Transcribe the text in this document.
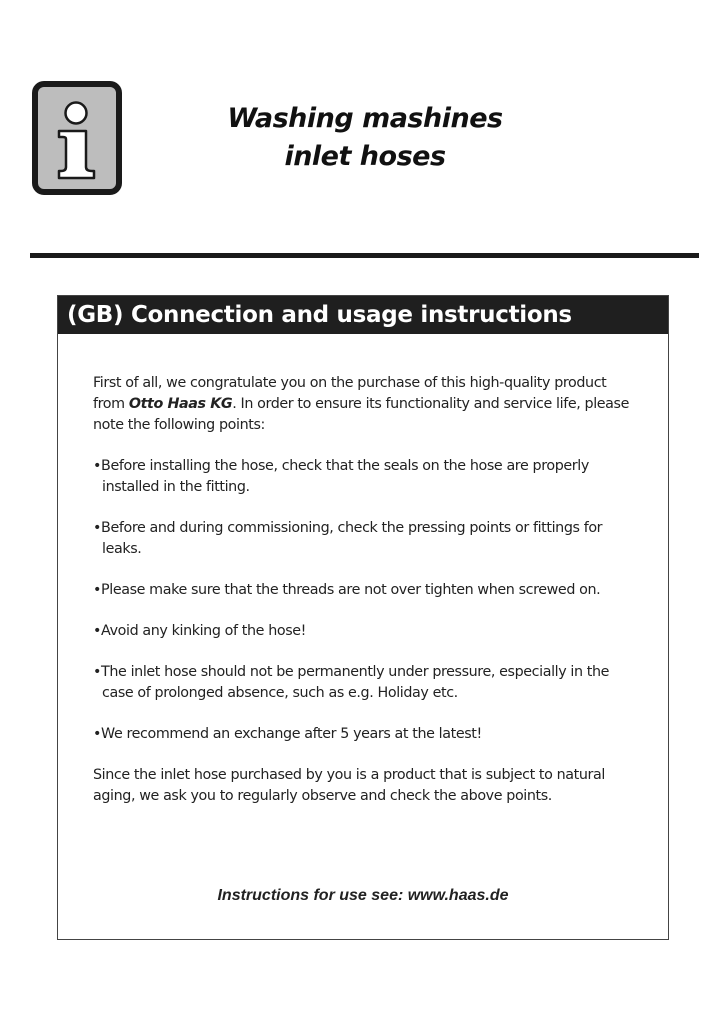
Washing mashines
inlet hoses
(GB) Connection and usage instructions

First of all, we congratulate you on the purchase of this high-quality product from Otto Haas KG. In order to ensure its functionality and service life, please note the following points:

• Before installing the hose, check that the seals on the hose are properly installed in the fitting.
• Before and during commissioning, check the pressing points or fittings for leaks.
• Please make sure that the threads are not over tighten when screwed on.
• Avoid any kinking of the hose!
• The inlet hose should not be permanently under pressure, especially in the case of prolonged absence, such as e.g. Holiday etc.
• We recommend an exchange after 5 years at the latest!

Since the inlet hose purchased by you is a product that is subject to natural aging, we ask you to regularly observe and check the above points.

Instructions for use see: www.haas.de
